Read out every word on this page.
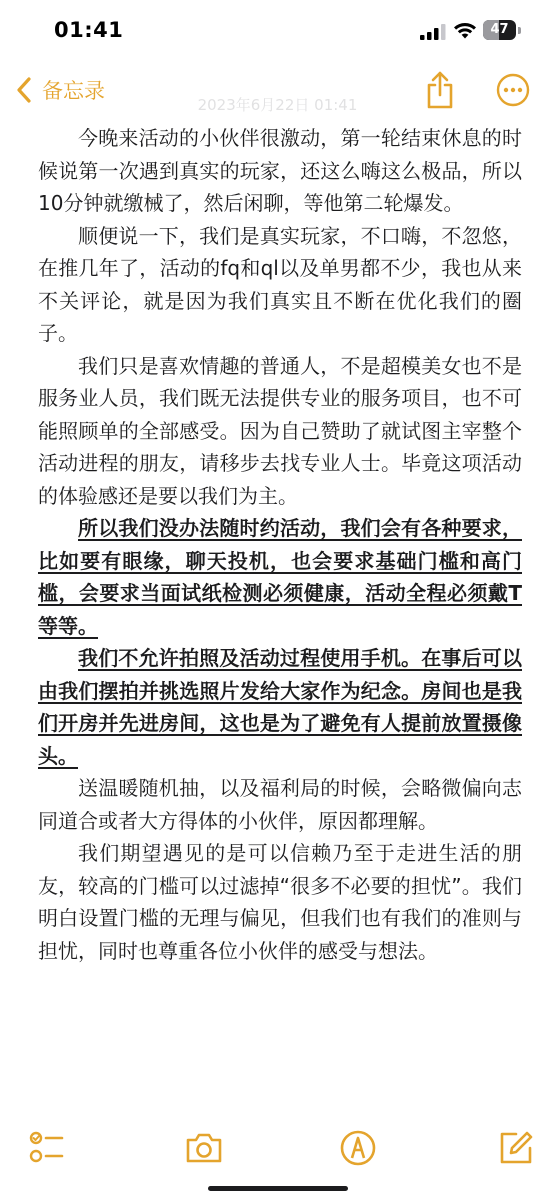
01:41	47
备忘录
2023年6月22日 01:41

今晚来活动的小伙伴很激动，第一轮结束休息的时候说第一次遇到真实的玩家，还这么嗨这么极品，所以10分钟就缴械了，然后闲聊，等他第二轮爆发。

顺便说一下，我们是真实玩家，不口嗨，不忽悠，在推几年了，活动的fq和ql以及单男都不少，我也从来不关评论，就是因为我们真实且不断在优化我们的圈子。

我们只是喜欢情趣的普通人，不是超模美女也不是服务业人员，我们既无法提供专业的服务项目，也不可能照顾单的全部感受。因为自己赞助了就试图主宰整个活动进程的朋友，请移步去找专业人士。毕竟这项活动的体验感还是要以我们为主。

所以我们没办法随时约活动，我们会有各种要求，比如要有眼缘，聊天投机，也会要求基础门槛和高门槛，会要求当面试纸检测必须健康，活动全程必须戴T等等。

我们不允许拍照及活动过程使用手机。在事后可以由我们摆拍并挑选照片发给大家作为纪念。房间也是我们开房并先进房间，这也是为了避免有人提前放置摄像头。

送温暖随机抽，以及福利局的时候，会略微偏向志同道合或者大方得体的小伙伴，原因都理解。

我们期望遇见的是可以信赖乃至于走进生活的朋友，较高的门槛可以过滤掉“很多不必要的担忧”。我们明白设置门槛的无理与偏见，但我们也有我们的准则与担忧，同时也尊重各位小伙伴的感受与想法。
